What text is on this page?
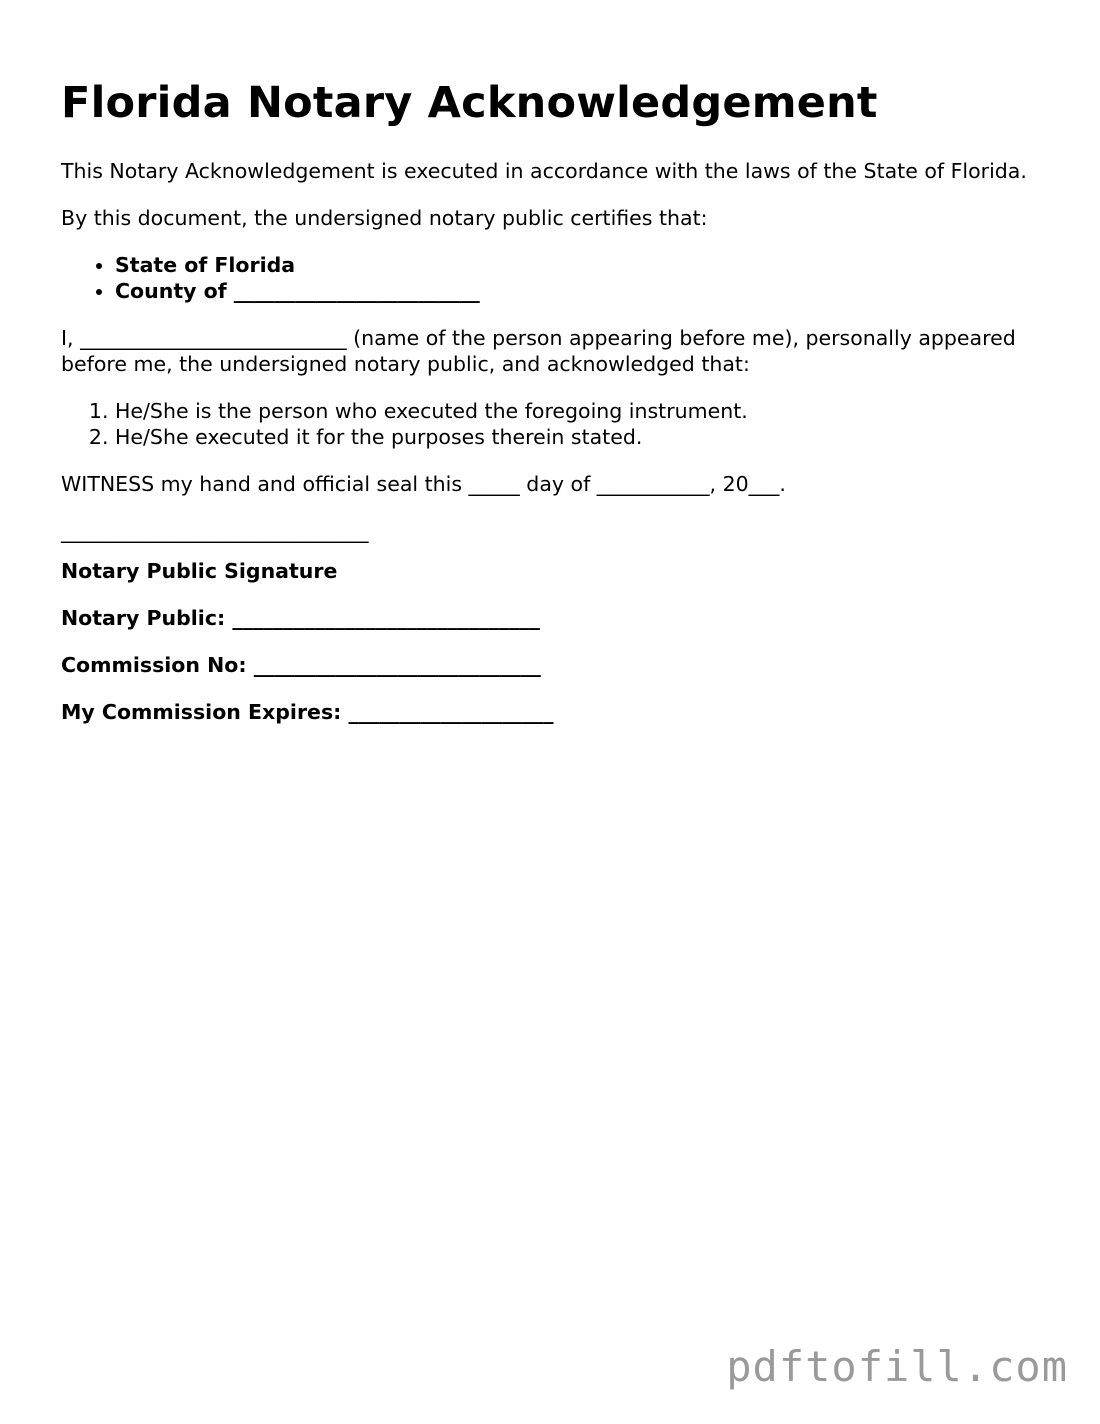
Florida Notary Acknowledgement

This Notary Acknowledgement is executed in accordance with the laws of the State of Florida.

By this document, the undersigned notary public certifies that:

• State of Florida
• County of ________________________

I, __________________________ (name of the person appearing before me), personally appeared before me, the undersigned notary public, and acknowledged that:

1. He/She is the person who executed the foregoing instrument.
2. He/She executed it for the purposes therein stated.

WITNESS my hand and official seal this _____ day of ___________, 20___.

______________________________

Notary Public Signature

Notary Public: ______________________________

Commission No: ____________________________

My Commission Expires: ____________________

pdftofill.com
